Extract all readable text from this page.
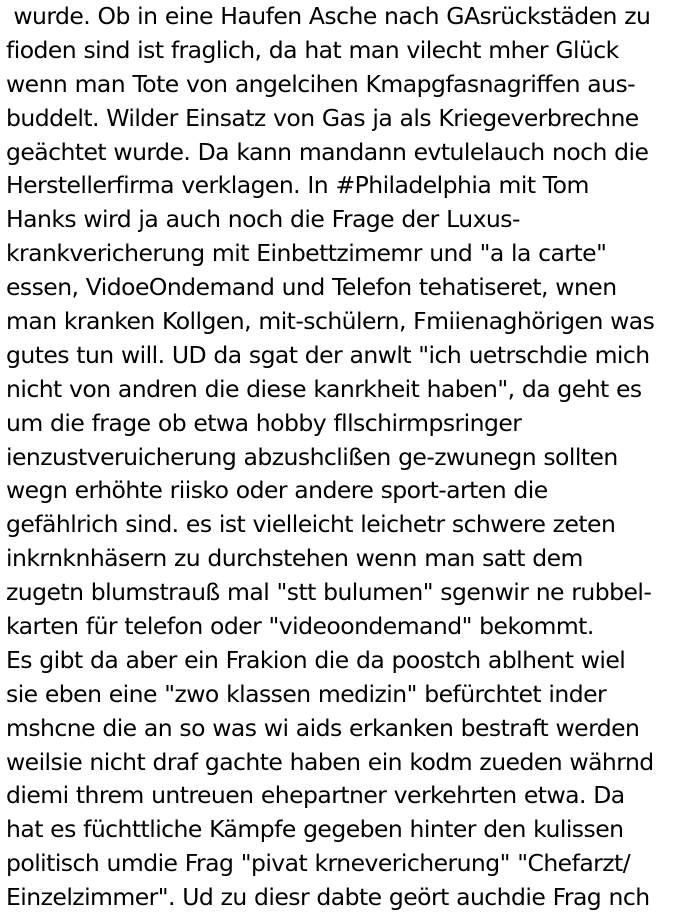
wurde. Ob in eine Haufen Asche nach GAsrückstäden zu
fioden sind ist fraglich, da hat man vilecht mher Glück
wenn man Tote von angelcihen Kmapgfasnagriffen aus-
buddelt. Wilder Einsatz von Gas ja als Kriegeverbrechne
geächtet wurde. Da kann mandann evtulelauch noch die
Herstellerfirma verklagen. In #Philadelphia mit Tom
Hanks wird ja auch noch die Frage der Luxus-
krankvericherung mit Einbettzimemr und "a la carte"
essen, VidoeOndemand und Telefon tehatiseret, wnen
man kranken Kollgen, mit-schülern, Fmiienaghörigen was
gutes tun will. UD da sgat der anwlt "ich uetrschdie mich
nicht von andren die diese kanrkheit haben", da geht es
um die frage ob etwa hobby fllschirmpsringer
ienzustveruicherung abzushclißen ge-zwunegn sollten
wegn erhöhte riisko oder andere sport-arten die
gefählrich sind. es ist vielleicht leichetr schwere zeten
inkrnknhäsern zu durchstehen wenn man satt dem
zugetn blumstrauß mal "stt bulumen" sgenwir ne rubbel-
karten für telefon oder "videoondemand" bekommt.
Es gibt da aber ein Frakion die da poostch ablhent wiel
sie eben eine "zwo klassen medizin" befürchtet inder
mshcne die an so was wi aids erkanken bestraft werden
weilsie nicht draf gachte haben ein kodm zueden währnd
diemi threm untreuen ehepartner verkehrten etwa. Da
hat es füchttliche Kämpfe gegeben hinter den kulissen
politisch umdie Frag "pivat krnevericherung" "Chefarzt/
Einzelzimmer". Ud zu diesr dabte geört auchdie Frag nch
